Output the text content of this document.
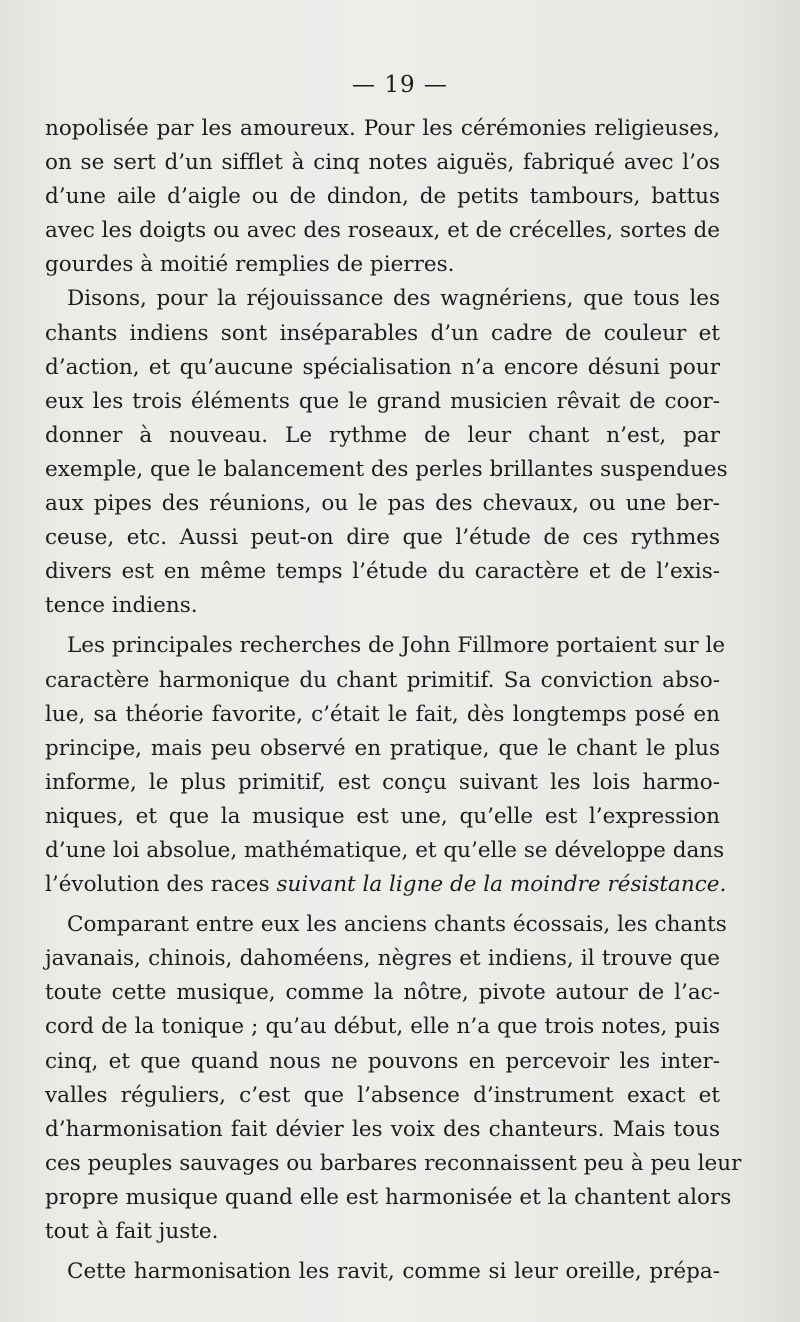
— 19 —
nopolisée par les amoureux. Pour les cérémonies religieuses,
on se sert d’un sifflet à cinq notes aiguës, fabriqué avec l’os
d’une aile d’aigle ou de dindon, de petits tambours, battus
avec les doigts ou avec des roseaux, et de crécelles, sortes de
gourdes à moitié remplies de pierres.
Disons, pour la réjouissance des wagnériens, que tous les
chants indiens sont inséparables d’un cadre de couleur et
d’action, et qu’aucune spécialisation n’a encore désuni pour
eux les trois éléments que le grand musicien rêvait de coor-
donner à nouveau. Le rythme de leur chant n’est, par
exemple, que le balancement des perles brillantes suspendues
aux pipes des réunions, ou le pas des chevaux, ou une ber-
ceuse, etc. Aussi peut-on dire que l’étude de ces rythmes
divers est en même temps l’étude du caractère et de l’exis-
tence indiens.
Les principales recherches de John Fillmore portaient sur le
caractère harmonique du chant primitif. Sa conviction abso-
lue, sa théorie favorite, c’était le fait, dès longtemps posé en
principe, mais peu observé en pratique, que le chant le plus
informe, le plus primitif, est conçu suivant les lois harmo-
niques, et que la musique est une, qu’elle est l’expression
d’une loi absolue, mathématique, et qu’elle se développe dans
l’évolution des races suivant la ligne de la moindre résistance.
Comparant entre eux les anciens chants écossais, les chants
javanais, chinois, dahoméens, nègres et indiens, il trouve que
toute cette musique, comme la nôtre, pivote autour de l’ac-
cord de la tonique ; qu’au début, elle n’a que trois notes, puis
cinq, et que quand nous ne pouvons en percevoir les inter-
valles réguliers, c’est que l’absence d’instrument exact et
d’harmonisation fait dévier les voix des chanteurs. Mais tous
ces peuples sauvages ou barbares reconnaissent peu à peu leur
propre musique quand elle est harmonisée et la chantent alors
tout à fait juste.
Cette harmonisation les ravit, comme si leur oreille, prépa-
